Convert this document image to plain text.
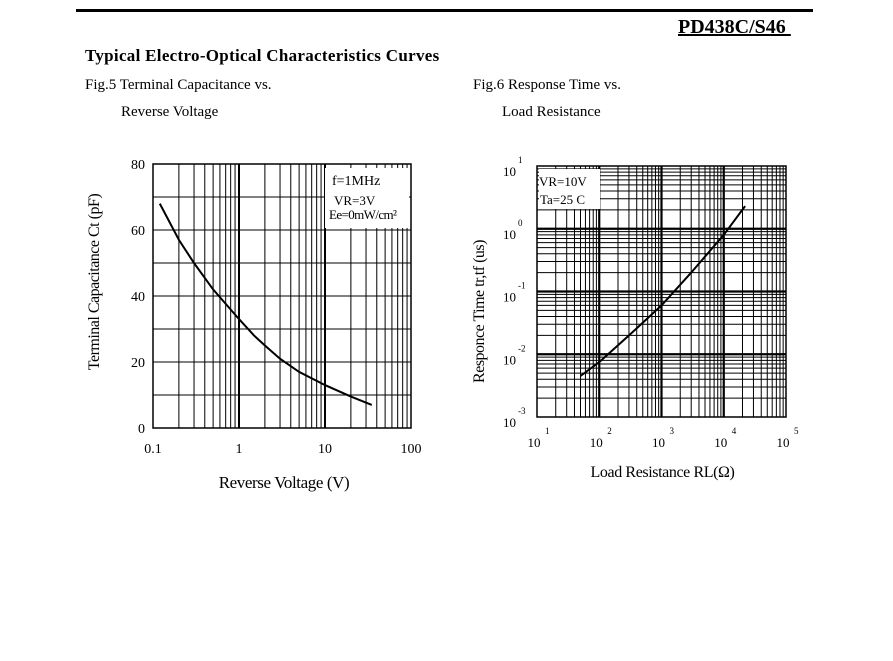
PD438C/S46
Typical Electro-Optical Characteristics Curves
Fig.5 Terminal Capacitance vs.
Reverse Voltage
Fig.6 Response Time vs.
Load Resistance
f=1MHz
VR=3V
Ee=0mW/cm²
0
20
40
60
80
0.1	1	10	100
Reverse Voltage (V)
Terminal Capacitance Ct (pF)
VR=10V
Ta=25 C
10
1
10
0
10
-1
10
-2
10
-3
10
1
10
2
10
3
10
4
10
5
Load Resistance RL(Ω)
Responce Time tr,tf (us)
